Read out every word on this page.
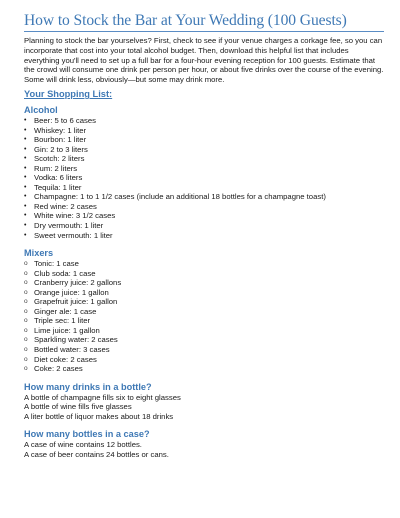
How to Stock the Bar at Your Wedding (100 Guests)

Planning to stock the bar yourselves? First, check to see if your venue charges a corkage fee, so you can incorporate that cost into your total alcohol budget. Then, download this helpful list that includes everything you'll need to set up a full bar for a four-hour evening reception for 100 guests. Estimate that the crowd will consume one drink per person per hour, or about five drinks over the course of the evening. Some will drink less, obviously—but some may drink more.

Your Shopping List:
Alcohol
• Beer: 5 to 6 cases
• Whiskey: 1 liter
• Bourbon: 1 liter
• Gin: 2 to 3 liters
• Scotch: 2 liters
• Rum: 2 liters
• Vodka: 6 liters
• Tequila: 1 liter
• Champagne: 1 to 1 1/2 cases (include an additional 18 bottles for a champagne toast)
• Red wine: 2 cases
• White wine: 3 1/2 cases
• Dry vermouth: 1 liter
• Sweet vermouth: 1 liter
Mixers
o Tonic: 1 case
o Club soda: 1 case
o Cranberry juice: 2 gallons
o Orange juice: 1 gallon
o Grapefruit juice: 1 gallon
o Ginger ale: 1 case
o Triple sec: 1 liter
o Lime juice: 1 gallon
o Sparkling water: 2 cases
o Bottled water: 3 cases
o Diet coke: 2 cases
o Coke: 2 cases
How many drinks in a bottle?
A bottle of champagne fills six to eight glasses
A bottle of wine fills five glasses
A liter bottle of liquor makes about 18 drinks
How many bottles in a case?
A case of wine contains 12 bottles.
A case of beer contains 24 bottles or cans.
